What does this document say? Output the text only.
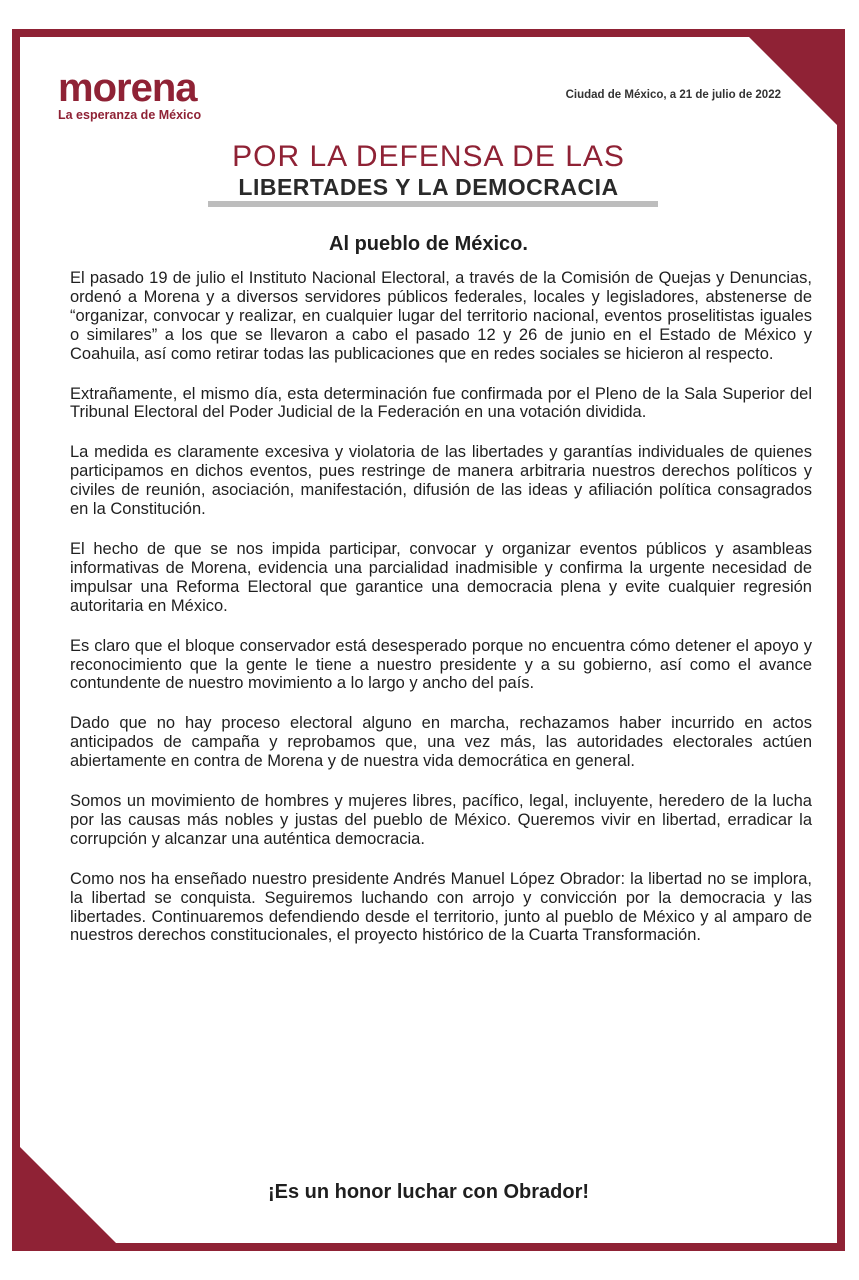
morena
La esperanza de México
Ciudad de México, a 21 de julio de 2022
POR LA DEFENSA DE LAS
LIBERTADES Y LA DEMOCRACIA
Al pueblo de México.

El pasado 19 de julio el Instituto Nacional Electoral, a través de la Comisión de Quejas y Denuncias, ordenó a Morena y a diversos servidores públicos federales, locales y legisladores, abstenerse de “organizar, convocar y realizar, en cualquier lugar del territorio nacional, eventos proselitistas iguales o similares” a los que se llevaron a cabo el pasado 12 y 26 de junio en el Estado de México y Coahuila, así como retirar todas las publicaciones que en redes sociales se hicieron al respecto.

Extrañamente, el mismo día, esta determinación fue confirmada por el Pleno de la Sala Superior del Tribunal Electoral del Poder Judicial de la Federación en una votación dividida.

La medida es claramente excesiva y violatoria de las libertades y garantías individuales de quienes participamos en dichos eventos, pues restringe de manera arbitraria nuestros derechos políticos y civiles de reunión, asociación, manifestación, difusión de las ideas y afiliación política consagrados en la Constitución.

El hecho de que se nos impida participar, convocar y organizar eventos públicos y asambleas informativas de Morena, evidencia una parcialidad inadmisible y confirma la urgente necesidad de impulsar una Reforma Electoral que garantice una democracia plena y evite cualquier regresión autoritaria en México.

Es claro que el bloque conservador está desesperado porque no encuentra cómo detener el apoyo y reconocimiento que la gente le tiene a nuestro presidente y a su gobierno, así como el avance contundente de nuestro movimiento a lo largo y ancho del país.

Dado que no hay proceso electoral alguno en marcha, rechazamos haber incurrido en actos anticipados de campaña y reprobamos que, una vez más, las autoridades electorales actúen abiertamente en contra de Morena y de nuestra vida democrática en general.

Somos un movimiento de hombres y mujeres libres, pacífico, legal, incluyente, heredero de la lucha por las causas más nobles y justas del pueblo de México. Queremos vivir en libertad, erradicar la corrupción y alcanzar una auténtica democracia.

Como nos ha enseñado nuestro presidente Andrés Manuel López Obrador: la libertad no se implora, la libertad se conquista. Seguiremos luchando con arrojo y convicción por la democracia y las libertades. Continuaremos defendiendo desde el territorio, junto al pueblo de México y al amparo de nuestros derechos constitucionales, el proyecto histórico de la Cuarta Transformación.

¡Es un honor luchar con Obrador!
